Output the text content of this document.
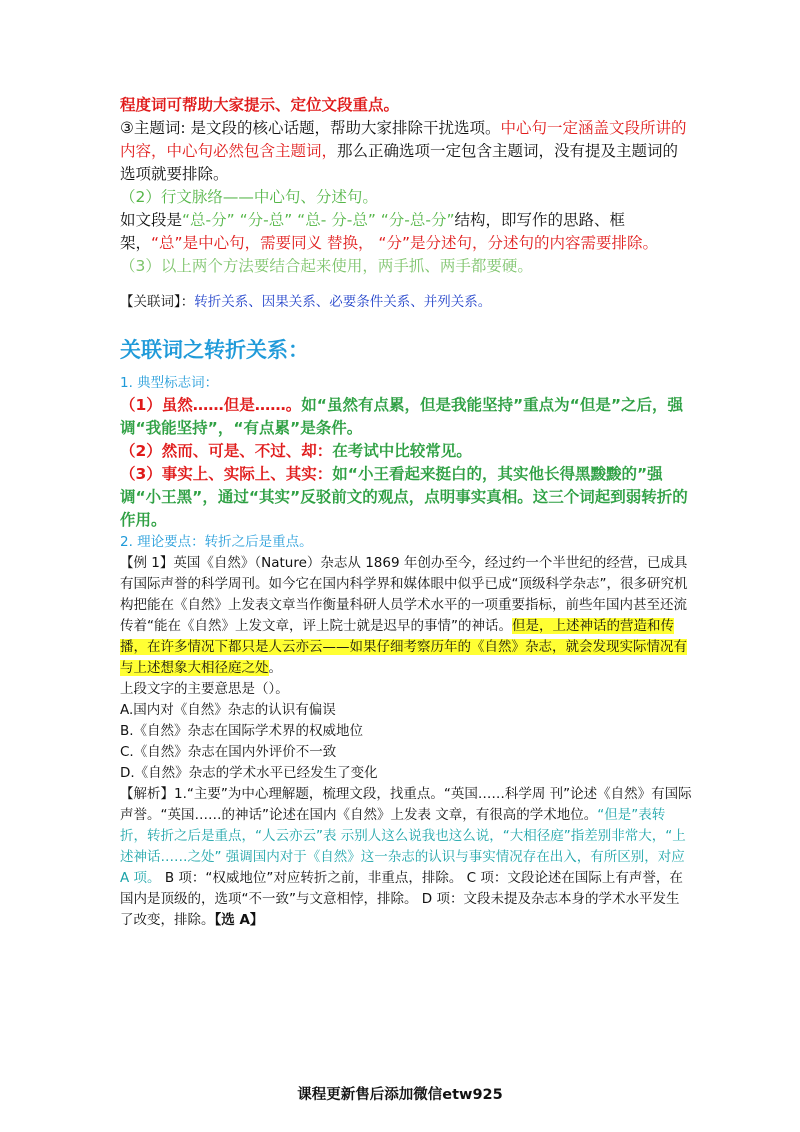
程度词可帮助大家提示、定位文段重点。

③主题词: 是文段的核心话题，帮助大家排除干扰选项。中心句一定涵盖文段所讲的内容，中心句必然包含主题词，那么正确选项一定包含主题词，没有提及主题词的选项就要排除。

（2）行文脉络——中心句、分述句。

如文段是“总-分” “分-总” “总- 分-总” “分-总-分”结构，即写作的思路、框架，“总”是中心句，需要同义 替换， “分”是分述句，分述句的内容需要排除。

（3）以上两个方法要结合起来使用，两手抓、两手都要硬。

【关联词】：转折关系、因果关系、必要条件关系、并列关系。

关联词之转折关系：

1. 典型标志词：

（1）虽然……但是……。如“虽然有点累，但是我能坚持”重点为“但是”之后，强调“我能坚持”，“有点累”是条件。

（2）然而、可是、不过、却：在考试中比较常见。

（3）事实上、实际上、其实：如“小王看起来挺白的，其实他长得黑黢黢的”强调“小王黑”，通过“其实”反驳前文的观点，点明事实真相。这三个词起到弱转折的作用。

2. 理论要点：转折之后是重点。

【例 1】英国《自然》（Nature）杂志从 1869 年创办至今，经过约一个半世纪的经营，已成具有国际声誉的科学周刊。如今它在国内科学界和媒体眼中似乎已成“顶级科学杂志”，很多研究机构把能在《自然》上发表文章当作衡量科研人员学术水平的一项重要指标，前些年国内甚至还流传着“能在《自然》上发文章，评上院士就是迟早的事情”的神话。但是，上述神话的营造和传播，在许多情况下都只是人云亦云——如果仔细考察历年的《自然》杂志，就会发现实际情况有与上述想象大相径庭之处。

上段文字的主要意思是（）。

A.国内对《自然》杂志的认识有偏误

B.《自然》杂志在国际学术界的权威地位

C.《自然》杂志在国内外评价不一致

D.《自然》杂志的学术水平已经发生了变化

【解析】1.“主要”为中心理解题，梳理文段，找重点。“英国……科学周 刊”论述《自然》有国际声誉。“英国……的神话”论述在国内《自然》上发表 文章，有很高的学术地位。“但是”表转折，转折之后是重点，“人云亦云”表 示别人这么说我也这么说，“大相径庭”指差别非常大，“上述神话……之处” 强调国内对于《自然》这一杂志的认识与事实情况存在出入，有所区别，对应 A 项。 B 项：“权威地位”对应转折之前，非重点，排除。 C 项：文段论述在国际上有声誉，在国内是顶级的，选项“不一致”与文意相悖，排除。 D 项：文段未提及杂志本身的学术水平发生了改变，排除。【选 A】

课程更新售后添加微信etw925
